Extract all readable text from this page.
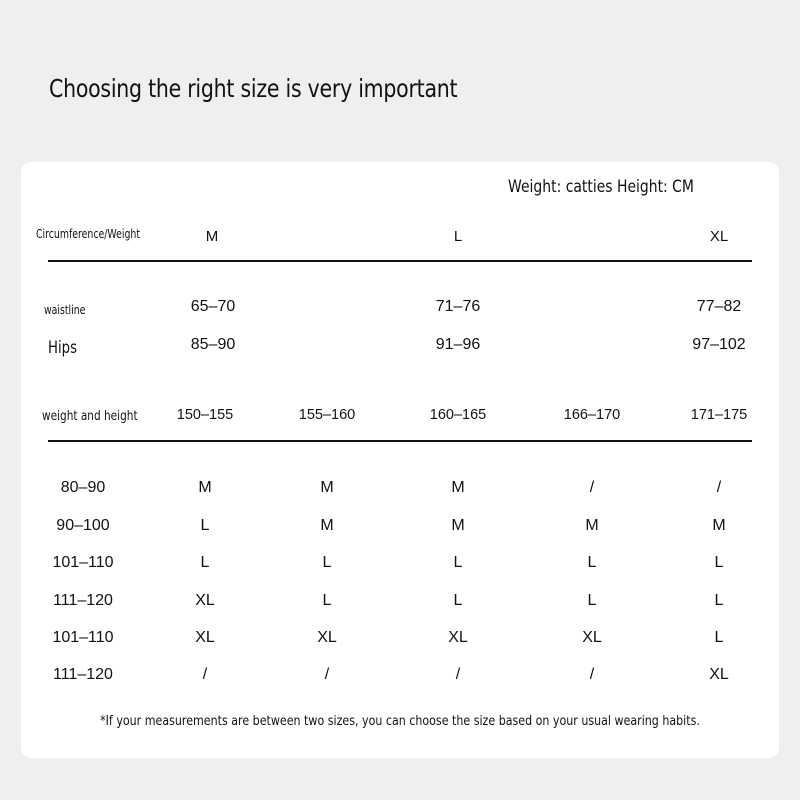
Choosing the right size is very important
Weight: catties Height: CM
Circumference/Weight	M	L	XL
waistline	65–70	71–76	77–82
Hips	85–90	91–96	97–102
weight and height	150–155	155–160	160–165	166–170	171–175
80–90	M	M	M	/	/
90–100	L	M	M	M	M
101–110	L	L	L	L	L
111–120	XL	L	L	L	L
101–110	XL	XL	XL	XL	L
111–120	/	/	/	/	XL
*If your measurements are between two sizes, you can choose the size based on your usual wearing habits.
